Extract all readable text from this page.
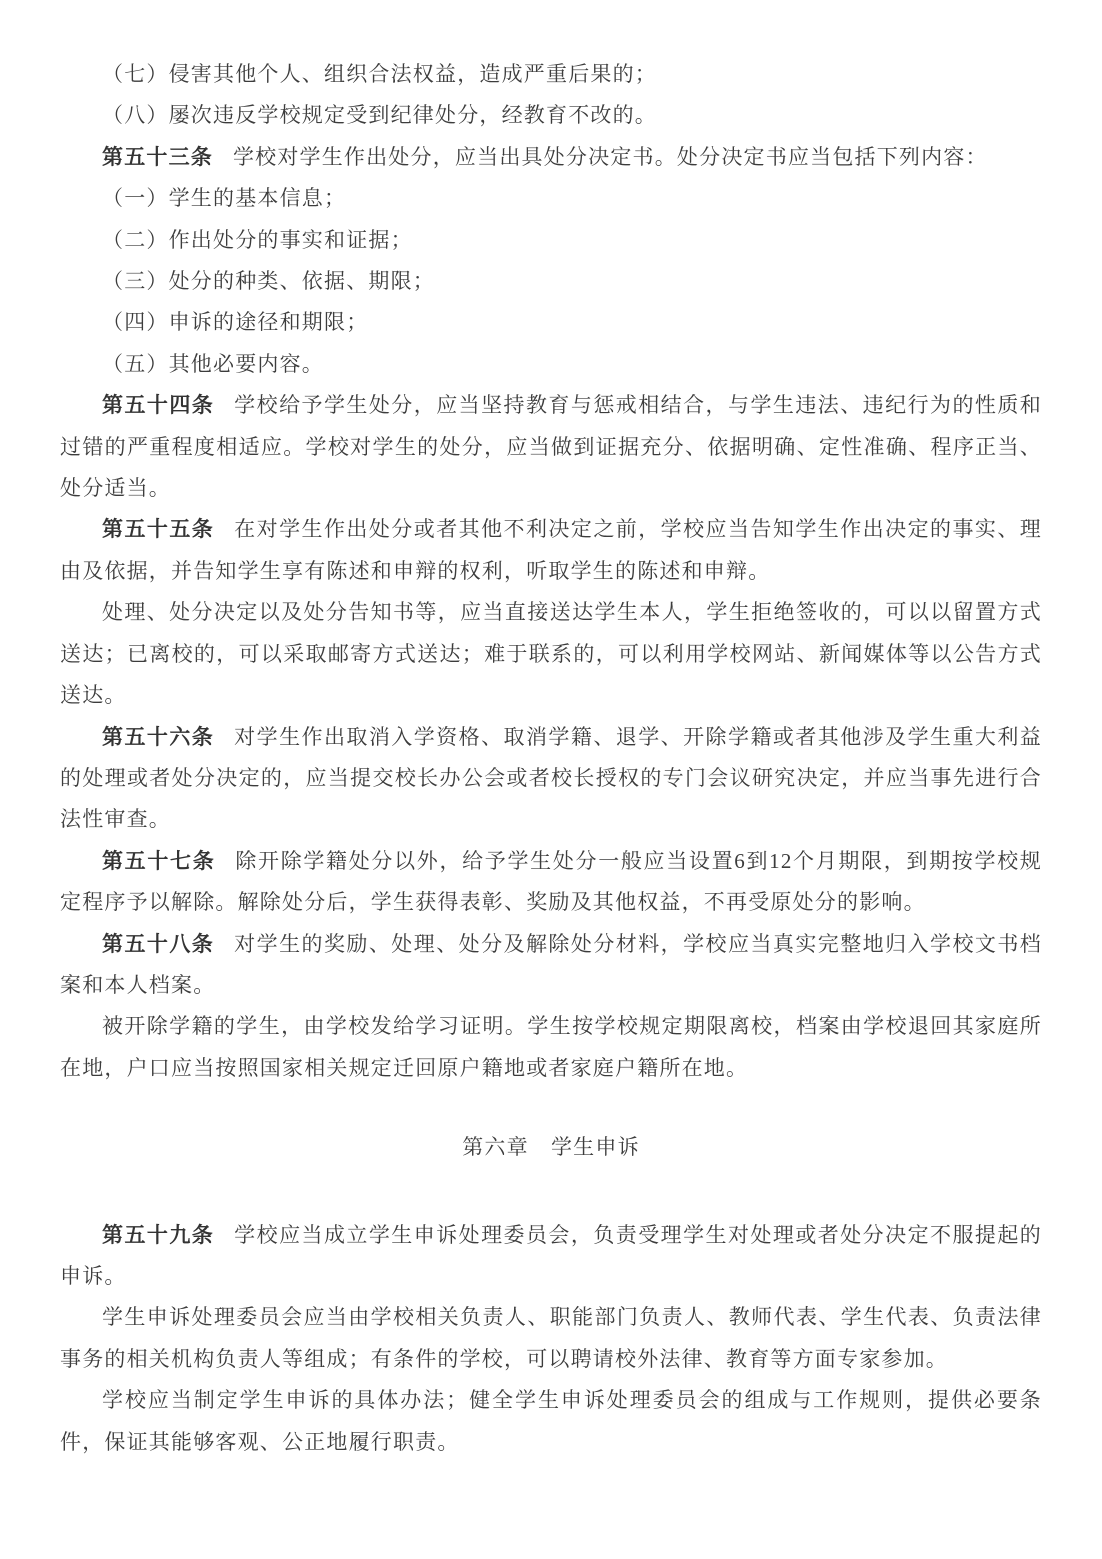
（七）侵害其他个人、组织合法权益，造成严重后果的；

（八）屡次违反学校规定受到纪律处分，经教育不改的。

第五十三条 学校对学生作出处分，应当出具处分决定书。处分决定书应当包括下列内容：

（一）学生的基本信息；

（二）作出处分的事实和证据；

（三）处分的种类、依据、期限；

（四）申诉的途径和期限；

（五）其他必要内容。

第五十四条 学校给予学生处分，应当坚持教育与惩戒相结合，与学生违法、违纪行为的性质和过错的严重程度相适应。学校对学生的处分，应当做到证据充分、依据明确、定性准确、程序正当、处分适当。

第五十五条 在对学生作出处分或者其他不利决定之前，学校应当告知学生作出决定的事实、理由及依据，并告知学生享有陈述和申辩的权利，听取学生的陈述和申辩。

处理、处分决定以及处分告知书等，应当直接送达学生本人，学生拒绝签收的，可以以留置方式送达；已离校的，可以采取邮寄方式送达；难于联系的，可以利用学校网站、新闻媒体等以公告方式送达。

第五十六条 对学生作出取消入学资格、取消学籍、退学、开除学籍或者其他涉及学生重大利益的处理或者处分决定的，应当提交校长办公会或者校长授权的专门会议研究决定，并应当事先进行合法性审查。

第五十七条 除开除学籍处分以外，给予学生处分一般应当设置6到12个月期限，到期按学校规定程序予以解除。解除处分后，学生获得表彰、奖励及其他权益，不再受原处分的影响。

第五十八条 对学生的奖励、处理、处分及解除处分材料，学校应当真实完整地归入学校文书档案和本人档案。

被开除学籍的学生，由学校发给学习证明。学生按学校规定期限离校，档案由学校退回其家庭所在地，户口应当按照国家相关规定迁回原户籍地或者家庭户籍所在地。

第六章　学生申诉

第五十九条 学校应当成立学生申诉处理委员会，负责受理学生对处理或者处分决定不服提起的申诉。

学生申诉处理委员会应当由学校相关负责人、职能部门负责人、教师代表、学生代表、负责法律事务的相关机构负责人等组成；有条件的学校，可以聘请校外法律、教育等方面专家参加。

学校应当制定学生申诉的具体办法；健全学生申诉处理委员会的组成与工作规则，提供必要条件，保证其能够客观、公正地履行职责。
